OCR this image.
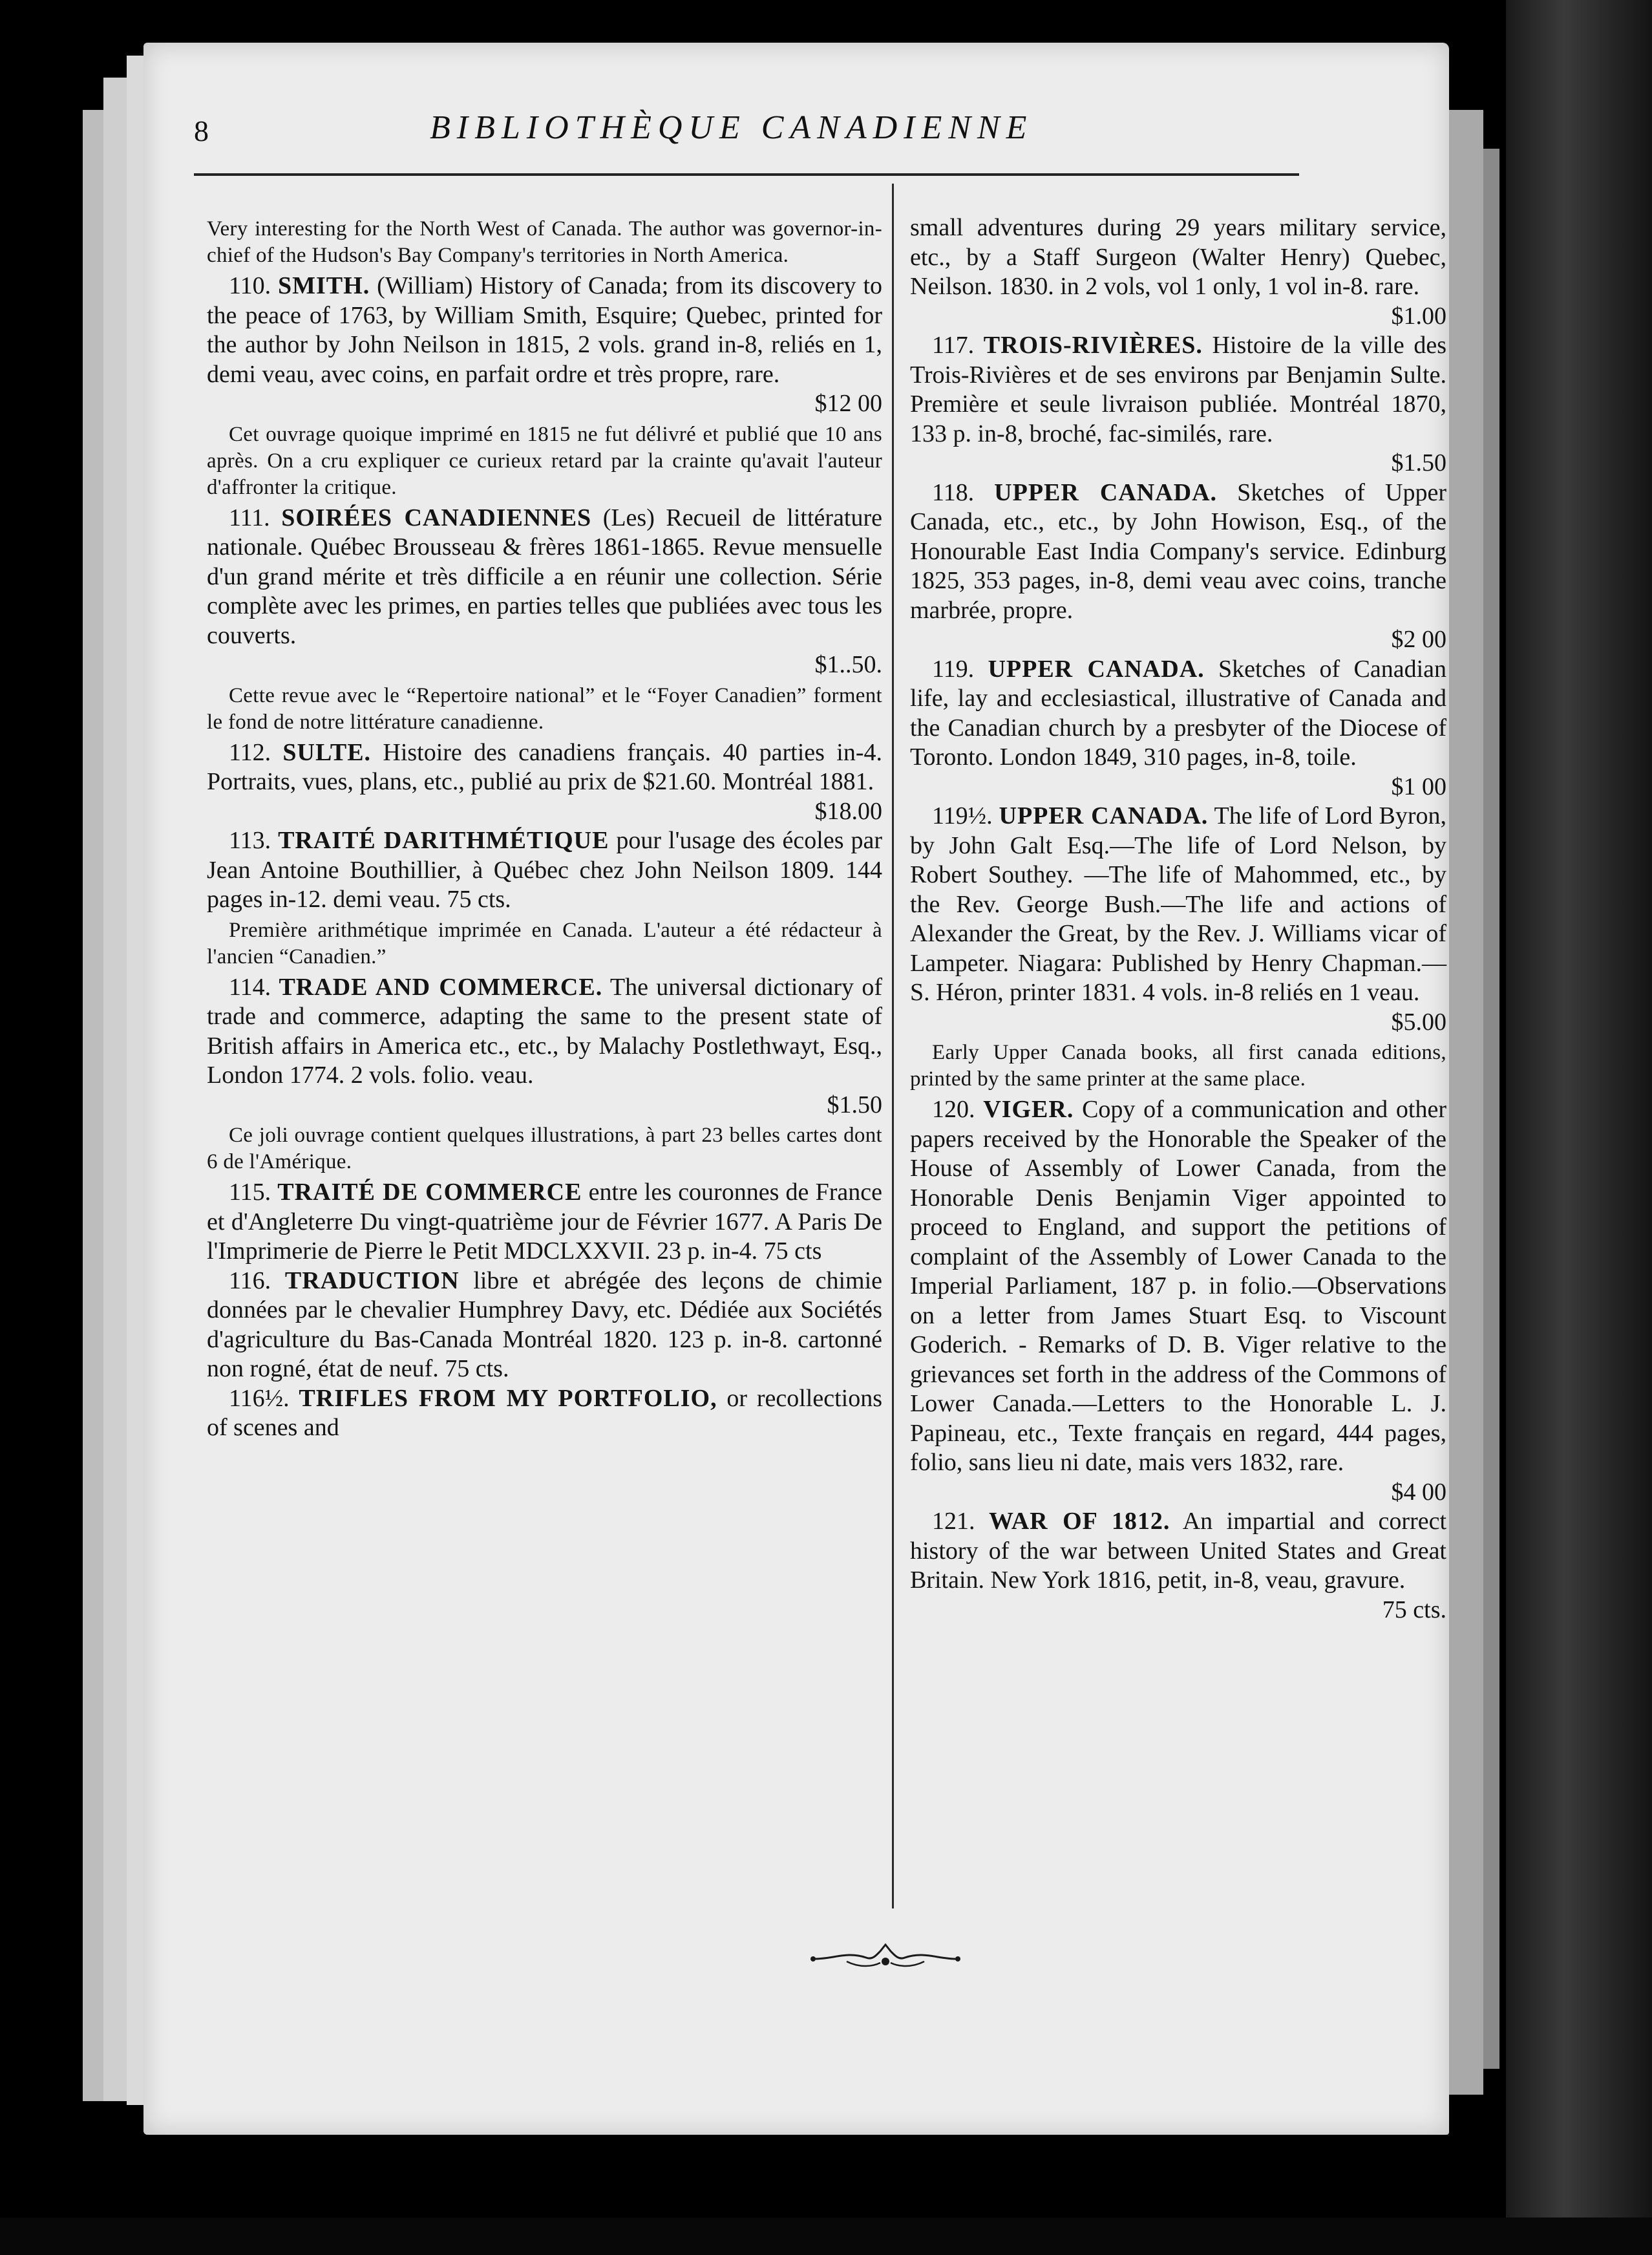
8	BIBLIOTHÈQUE CANADIENNE

Very interesting for the North West of Canada. The author was governor-in-chief of the Hudson's Bay Company's territories in North America.

110. SMITH. (William) History of Canada; from its discovery to the peace of 1763, by William Smith, Esquire; Quebec, printed for the author by John Neilson in 1815, 2 vols. grand in-8, reliés en 1, demi veau, avec coins, en parfait ordre et très propre, rare.
$12 00

Cet ouvrage quoique imprimé en 1815 ne fut délivré et publié que 10 ans après. On a cru expliquer ce curieux retard par la crainte qu'avait l'auteur d'affronter la critique.

111. SOIRÉES CANADIENNES (Les) Recueil de littérature nationale. Québec Brousseau & frères 1861-1865. Revue mensuelle d'un grand mérite et très difficile a en réunir une collection. Série complète avec les primes, en parties telles que publiées avec tous les couverts.
$1..50.

Cette revue avec le “Repertoire national” et le “Foyer Canadien” forment le fond de notre littérature canadienne.

112. SULTE. Histoire des canadiens français. 40 parties in-4. Portraits, vues, plans, etc., publié au prix de $21.60. Montréal 1881.
$18.00
113. TRAITÉ DARITHMÉTIQUE pour l'usage des écoles par Jean Antoine Bouthillier, à Québec chez John Neilson 1809. 144 pages in-12. demi veau. 75 cts.

Première arithmétique imprimée en Canada. L'auteur a été rédacteur à l'ancien “Canadien.”

114. TRADE AND COMMERCE. The universal dictionary of trade and commerce, adapting the same to the present state of British affairs in America etc., etc., by Malachy Postlethwayt, Esq., London 1774. 2 vols. folio. veau.
$1.50

Ce joli ouvrage contient quelques illustrations, à part 23 belles cartes dont 6 de l'Amérique.

115. TRAITÉ DE COMMERCE entre les couronnes de France et d'Angleterre Du vingt-quatrième jour de Février 1677. A Paris De l'Imprimerie de Pierre le Petit MDCLXXVII. 23 p. in-4. 75 cts
116. TRADUCTION libre et abrégée des leçons de chimie données par le chevalier Humphrey Davy, etc. Dédiée aux Sociétés d'agriculture du Bas-Canada Montréal 1820. 123 p. in-8. cartonné non rogné, état de neuf. 75 cts.
116½. TRIFLES FROM MY PORTFOLIO, or recollections of scenes and
small adventures during 29 years military service, etc., by a Staff Surgeon (Walter Henry) Quebec, Neilson. 1830. in 2 vols, vol 1 only, 1 vol in-8. rare.
$1.00
117. TROIS-RIVIÈRES. Histoire de la ville des Trois-Rivières et de ses environs par Benjamin Sulte. Première et seule livraison publiée. Montréal 1870, 133 p. in-8, broché, fac-similés, rare.
$1.50
118. UPPER CANADA. Sketches of Upper Canada, etc., etc., by John Howison, Esq., of the Honourable East India Company's service. Edinburg 1825, 353 pages, in-8, demi veau avec coins, tranche marbrée, propre.
$2 00
119. UPPER CANADA. Sketches of Canadian life, lay and ecclesiastical, illustrative of Canada and the Canadian church by a presbyter of the Diocese of Toronto. London 1849, 310 pages, in-8, toile.
$1 00
119½. UPPER CANADA. The life of Lord Byron, by John Galt Esq.—The life of Lord Nelson, by Robert Southey. —The life of Mahommed, etc., by the Rev. George Bush.—The life and actions of Alexander the Great, by the Rev. J. Williams vicar of Lampeter. Niagara: Published by Henry Chapman.—S. Héron, printer 1831. 4 vols. in-8 reliés en 1 veau.
$5.00

Early Upper Canada books, all first canada editions, printed by the same printer at the same place.

120. VIGER. Copy of a communication and other papers received by the Honorable the Speaker of the House of Assembly of Lower Canada, from the Honorable Denis Benjamin Viger appointed to proceed to England, and support the petitions of complaint of the Assembly of Lower Canada to the Imperial Parliament, 187 p. in folio.—Observations on a letter from James Stuart Esq. to Viscount Goderich. - Remarks of D. B. Viger relative to the grievances set forth in the address of the Commons of Lower Canada.—Letters to the Honorable L. J. Papineau, etc., Texte français en regard, 444 pages, folio, sans lieu ni date, mais vers 1832, rare.
$4 00
121. WAR OF 1812. An impartial and correct history of the war between United States and Great Britain. New York 1816, petit, in-8, veau, gravure.
75 cts.
